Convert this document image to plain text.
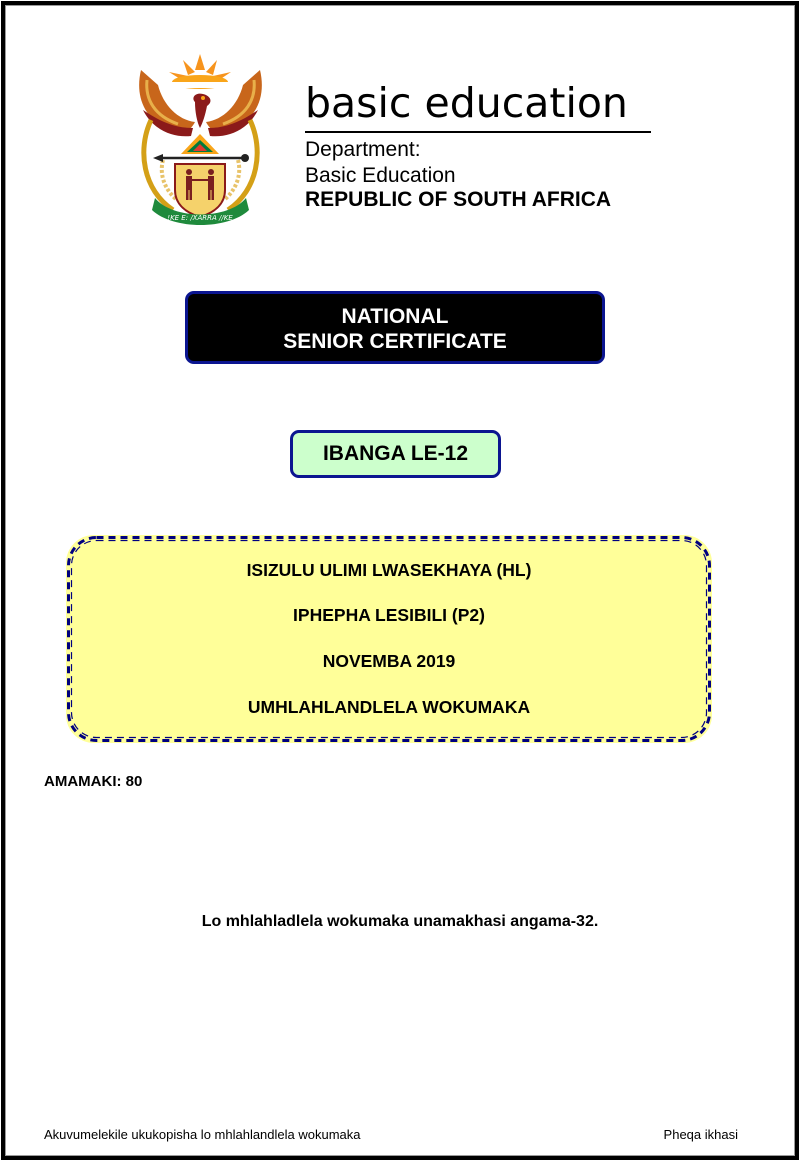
!KE E: /XARRA //KE
basic education
Department:
Basic Education
REPUBLIC OF SOUTH AFRICA
NATIONAL
SENIOR CERTIFICATE
IBANGA LE-12
ISIZULU ULIMI LWASEKHAYA (HL)
IPHEPHA LESIBILI (P2)
NOVEMBA 2019
UMHLAHLANDLELA WOKUMAKA
AMAMAKI: 80
Lo mhlahladlela wokumaka unamakhasi angama-32.
Akuvumelekile ukukopisha lo mhlahlandlela wokumaka	Pheqa ikhasi
